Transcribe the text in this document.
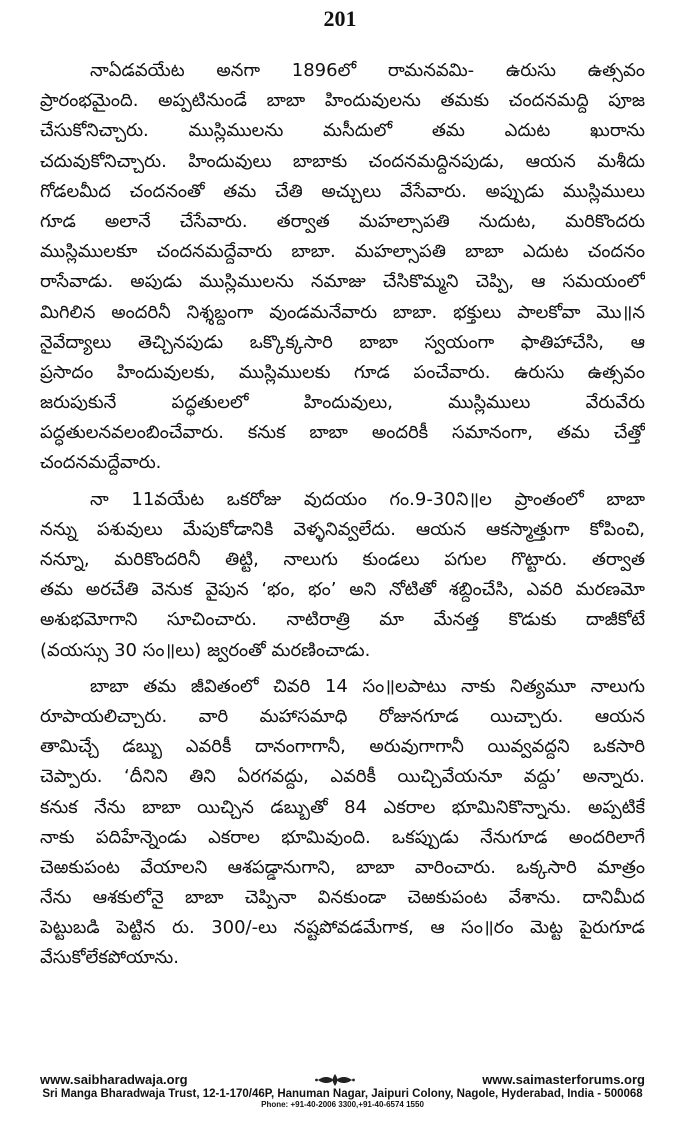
201
నాఏడవయేట అనగా 1896లో రామనవమి- ఉరుసు ఉత్సవం
ప్రారంభమైంది. అప్పటినుండే బాబా హిందువులను తమకు చందనమద్ది పూజ
చేసుకోనిచ్చారు. ముస్లిములను మసీదులో తమ ఎదుట ఖురాను
చదువుకోనిచ్చారు. హిందువులు బాబాకు చందనమద్దినపుడు, ఆయన మశీదు
గోడలమీద చందనంతో తమ చేతి అచ్చులు వేసేవారు. అప్పుడు ముస్లిములు
గూడ అలానే చేసేవారు. తర్వాత మహల్సాపతి నుదుట, మరికొందరు
ముస్లిములకూ చందనమద్దేవారు బాబా. మహల్సాపతి బాబా ఎదుట చందనం
రాసేవాడు. అపుడు ముస్లిములను నమాజు చేసికొమ్మని చెప్పి, ఆ సమయంలో
మిగిలిన అందరినీ నిశ్శబ్దంగా వుండమనేవారు బాబా. భక్తులు పాలకోవా మొ॥న
నైవేద్యాలు తెచ్చినపుడు ఒక్కొక్కసారి బాబా స్వయంగా ఫాతిహాచేసి, ఆ
ప్రసాదం హిందువులకు, ముస్లిములకు గూడ పంచేవారు. ఉరుసు ఉత్సవం
జరుపుకునే పద్ధతులలో హిందువులు, ముస్లిములు వేరువేరు
పద్ధతులనవలంబించేవారు. కనుక బాబా అందరికీ సమానంగా, తమ చేత్తో
చందనమద్దేవారు.
నా 11వయేట ఒకరోజు వుదయం గం.9-30ని॥ల ప్రాంతంలో బాబా
నన్ను పశువులు మేపుకోడానికి వెళ్ళనివ్వలేదు. ఆయన ఆకస్మాత్తుగా కోపించి,
నన్నూ, మరికొందరినీ తిట్టి, నాలుగు కుండలు పగుల గొట్టారు. తర్వాత
తమ అరచేతి వెనుక వైపున ‘భం, భం’ అని నోటితో శబ్దించేసి, ఎవరి మరణమో
అశుభమోగాని సూచించారు. నాటిరాత్రి మా మేనత్త కొడుకు దాజీకోటే
(వయస్సు 30 సం॥లు) జ్వరంతో మరణించాడు.
బాబా తమ జీవితంలో చివరి 14 సం॥లపాటు నాకు నిత్యమూ నాలుగు
రూపాయలిచ్చారు. వారి మహాసమాధి రోజునగూడ యిచ్చారు. ఆయన
తామిచ్చే డబ్బు ఎవరికీ దానంగాగానీ, అరువుగాగానీ యివ్వవద్దని ఒకసారి
చెప్పారు. ‘దీనిని తిని ఏరగవద్దు, ఎవరికీ యిచ్చివేయనూ వద్దు’ అన్నారు.
కనుక నేను బాబా యిచ్చిన డబ్బుతో 84 ఎకరాల భూమినికొన్నాను. అప్పటికే
నాకు పదిహేన్నెండు ఎకరాల భూమివుంది. ఒకప్పుడు నేనుగూడ అందరిలాగే
చెఱకుపంట వేయాలని ఆశపడ్డానుగాని, బాబా వారించారు. ఒక్కసారి మాత్రం
నేను ఆశకులోనై బాబా చెప్పినా వినకుండా చెఱకుపంట వేశాను. దానిమీద
పెట్టుబడి పెట్టిన రు. 300/-లు నష్టపోవడమేగాక, ఆ సం॥రం మెట్ట పైరుగూడ
వేసుకోలేకపోయాను.
www.saibharadwaja.org	www.saimasterforums.org
Sri Manga Bharadwaja Trust, 12-1-170/46P, Hanuman Nagar, Jaipuri Colony, Nagole, Hyderabad, India - 500068
Phone: +91-40-2006 3300,+91-40-6574 1550
